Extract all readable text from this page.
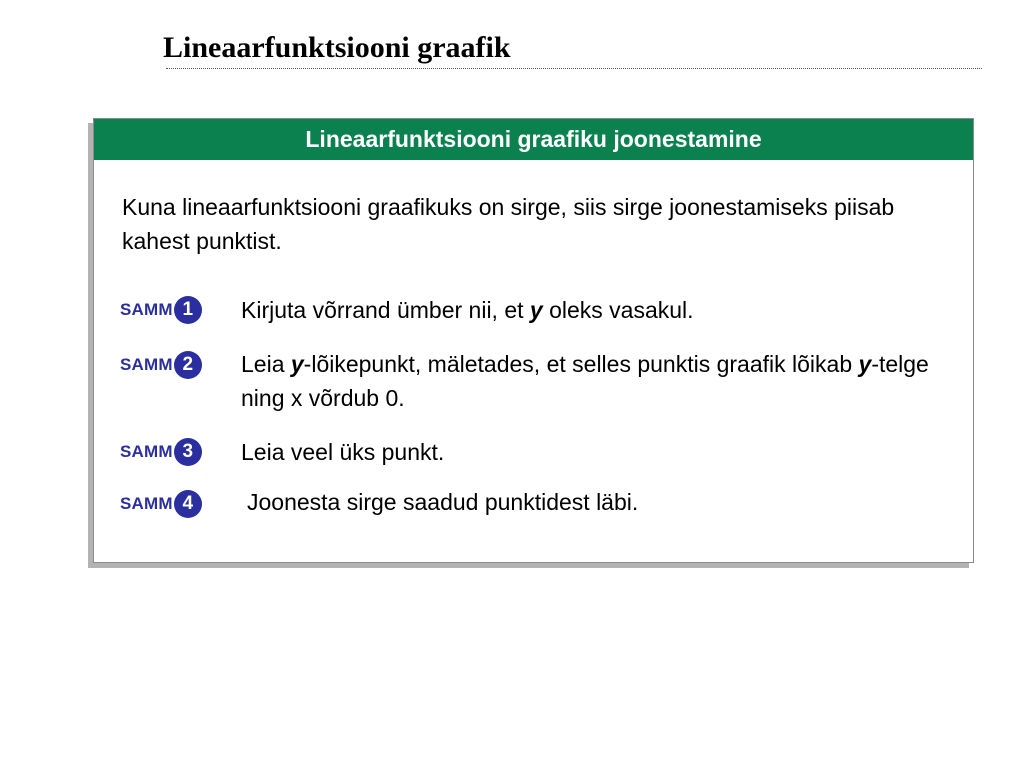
Lineaarfunktsiooni graafik
Lineaarfunktsiooni graafiku joonestamine

Kuna lineaarfunktsiooni graafikuks on sirge, siis sirge joonestamiseks piisab kahest punktist.

SAMM 1	Kirjuta võrrand ümber nii, et y oleks vasakul.

SAMM 2	Leia y-lõikepunkt, mäletades, et selles punktis graafik lõikab y-telge ning x võrdub 0.

SAMM 3	Leia veel üks punkt.

SAMM 4	Joonesta sirge saadud punktidest läbi.
